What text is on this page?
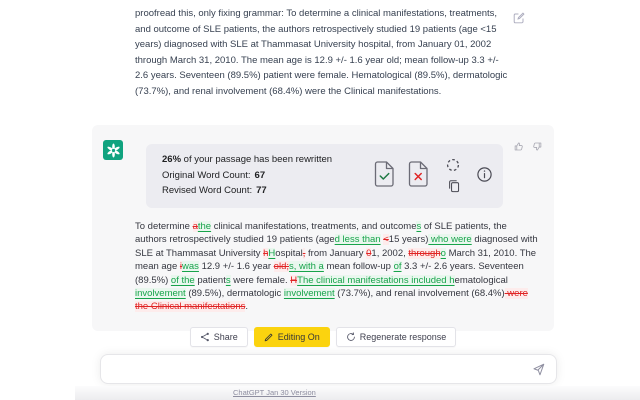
proofread this, only fixing grammar: To determine a clinical manifestations, treatments, and outcome of SLE patients, the authors retrospectively studied 19 patients (age <15 years) diagnosed with SLE at Thammasat University hospital, from January 01, 2002 through March 31, 2010. The mean age is 12.9 +/- 1.6 year old; mean follow-up 3.3 +/- 2.6 years. Seventeen (89.5%) patient were female. Hematological (89.5%), dermatologic (73.7%), and renal involvement (68.4%) were the Clinical manifestations.

26% of your passage has been rewritten
Original Word Count: 67
Revised Word Count: 77

To determine athe clinical manifestations, treatments, and outcomes of SLE patients, the authors retrospectively studied 19 patients (aged less than <15 years) who were diagnosed with SLE at Thammasat University hHospital, from January 01, 2002, througho March 31, 2010. The mean age iwas 12.9 +/- 1.6 year old;s, with a mean follow-up of 3.3 +/- 2.6 years. Seventeen (89.5%) of the patients were female. HThe clinical manifestations included hematological involvement (89.5%), dermatologic involvement (73.7%), and renal involvement (68.4%) were the Clinical manifestations.

Share	Editing On	Regenerate response
ChatGPT Jan 30 Version
